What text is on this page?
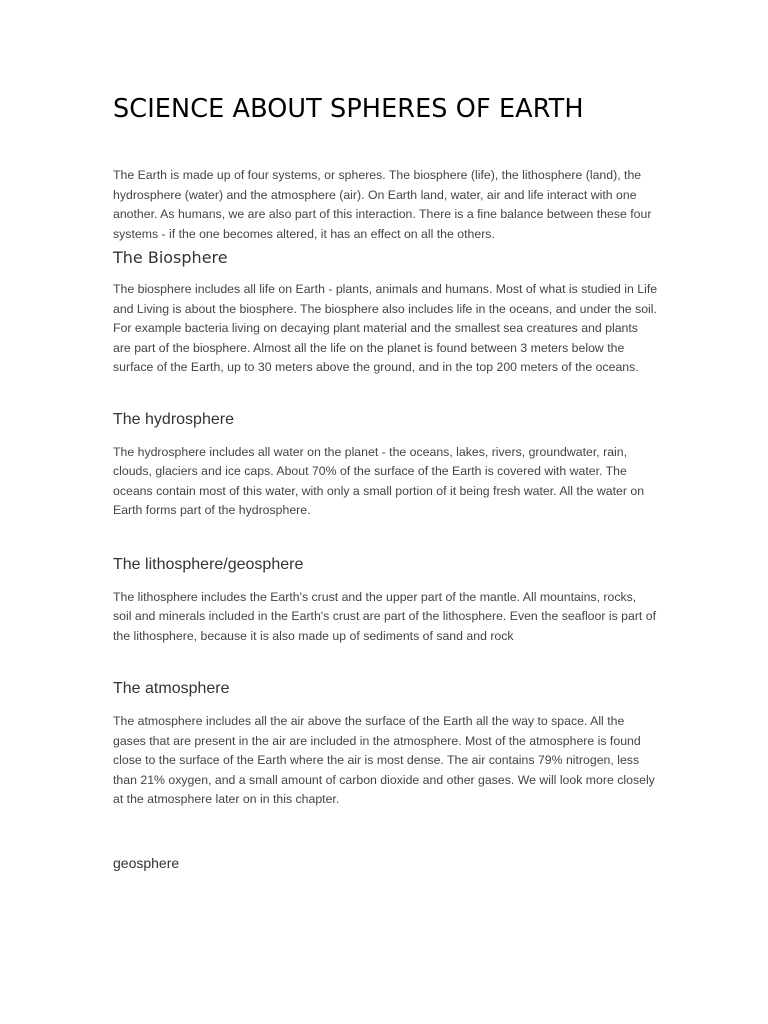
SCIENCE ABOUT SPHERES OF EARTH

The Earth is made up of four systems, or spheres. The biosphere (life), the lithosphere (land), the hydrosphere (water) and the atmosphere (air). On Earth land, water, air and life interact with one another. As humans, we are also part of this interaction. There is a fine balance between these four systems - if the one becomes altered, it has an effect on all the others.

The Biosphere

The biosphere includes all life on Earth - plants, animals and humans. Most of what is studied in Life and Living is about the biosphere. The biosphere also includes life in the oceans, and under the soil. For example bacteria living on decaying plant material and the smallest sea creatures and plants are part of the biosphere. Almost all the life on the planet is found between 3 meters below the surface of the Earth, up to 30 meters above the ground, and in the top 200 meters of the oceans.

The hydrosphere

The hydrosphere includes all water on the planet - the oceans, lakes, rivers, groundwater, rain, clouds, glaciers and ice caps. About 70% of the surface of the Earth is covered with water. The oceans contain most of this water, with only a small portion of it being fresh water. All the water on Earth forms part of the hydrosphere.

The lithosphere/geosphere

The lithosphere includes the Earth's crust and the upper part of the mantle. All mountains, rocks, soil and minerals included in the Earth's crust are part of the lithosphere. Even the seafloor is part of the lithosphere, because it is also made up of sediments of sand and rock

The atmosphere

The atmosphere includes all the air above the surface of the Earth all the way to space. All the gases that are present in the air are included in the atmosphere. Most of the atmosphere is found close to the surface of the Earth where the air is most dense. The air contains 79% nitrogen, less than 21% oxygen, and a small amount of carbon dioxide and other gases. We will look more closely at the atmosphere later on in this chapter.

geosphere
